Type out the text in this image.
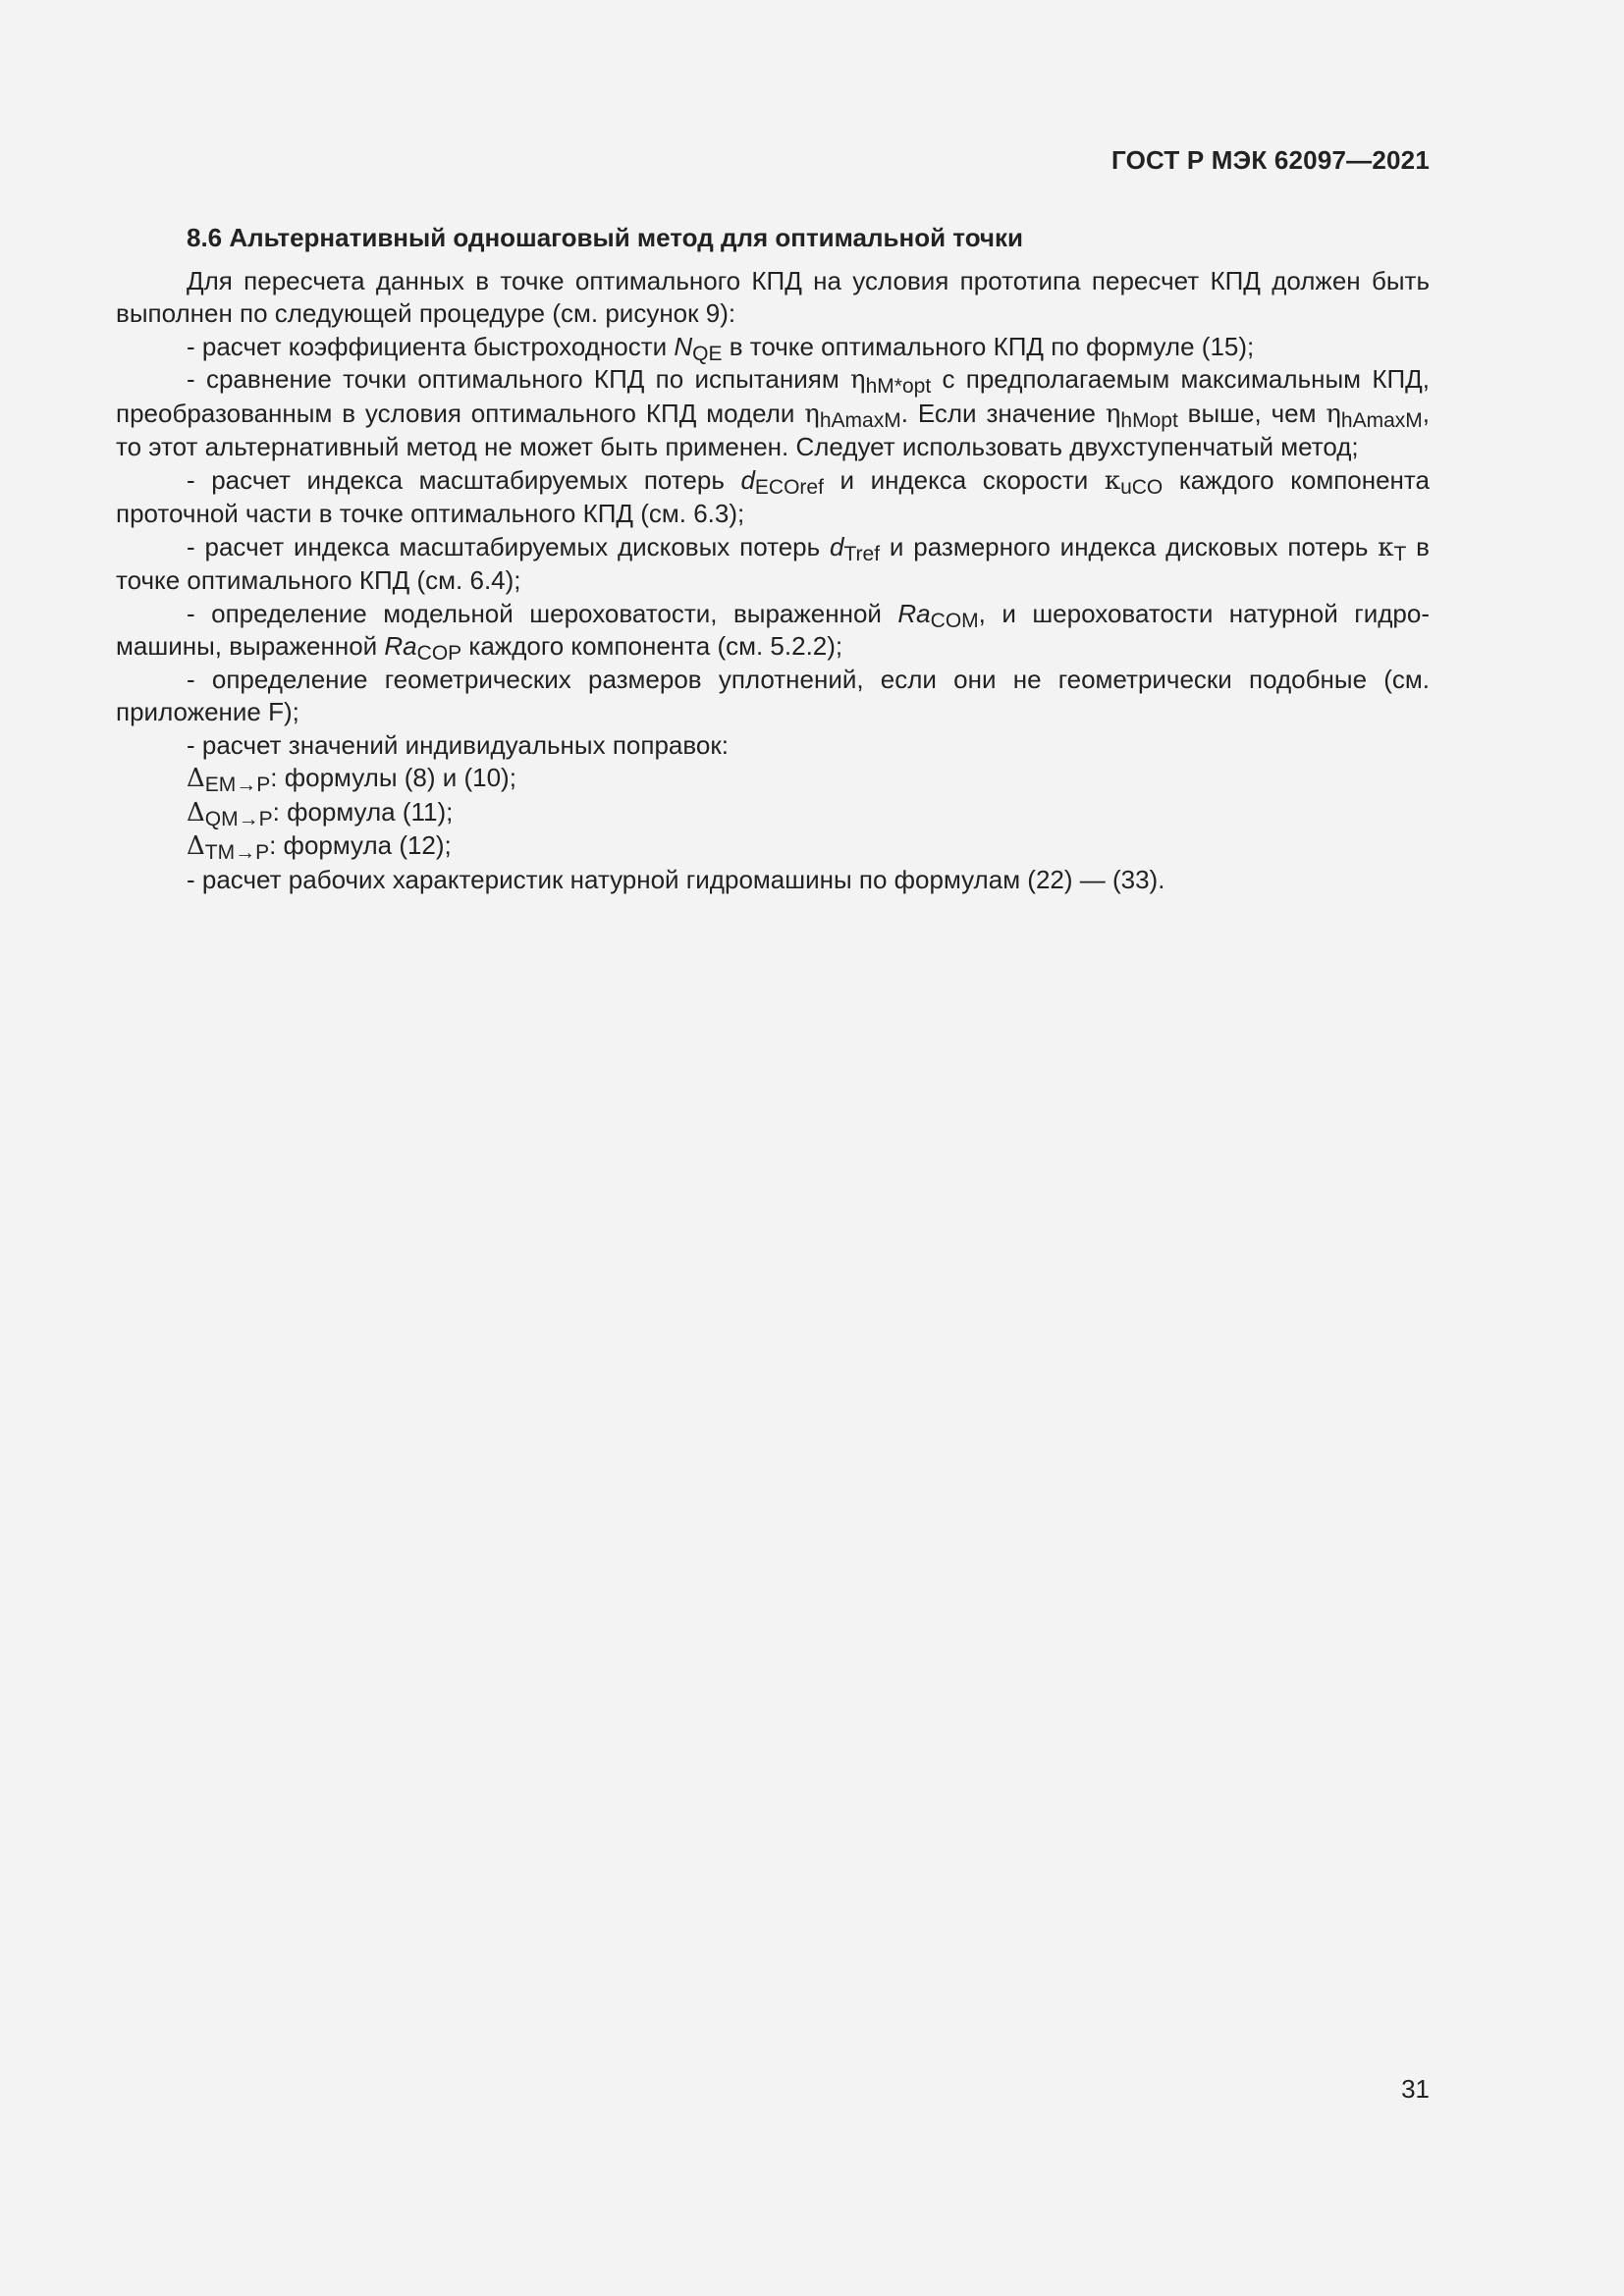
ГОСТ Р МЭК 62097—2021

8.6 Альтернативный одношаговый метод для оптимальной точки

Для пересчета данных в точке оптимального КПД на условия прототипа пересчет КПД должен быть выполнен по следующей процедуре (см. рисунок 9):

- расчет коэффициента быстроходности $N_{QE}$ в точке оптимального КПД по формуле (15);

- сравнение точки оптимального КПД по испытаниям $\eta_{hM*opt}$ с предполагаемым максимальным КПД, преобразованным в условия оптимального КПД модели $\eta_{hAmaxM}$. Если значение $\eta_{hMopt}$ выше, чем $\eta_{hAmaxM}$, то этот альтернативный метод не может быть применен. Следует использовать двухступенчатый метод;

- расчет индекса масштабируемых потерь $d_{ECOref}$ и индекса скорости $\kappa_{uCO}$ каждого компонента проточной части в точке оптимального КПД (см. 6.3);

- расчет индекса масштабируемых дисковых потерь $d_{Tref}$ и размерного индекса дисковых потерь $\kappa_T$ в точке оптимального КПД (см. 6.4);

- определение модельной шероховатости, выраженной $Ra_{COM}$, и шероховатости натурной гидромашины, выраженной $Ra_{COP}$ каждого компонента (см. 5.2.2);

- определение геометрических размеров уплотнений, если они не геометрически подобные (см. приложение F);

- расчет значений индивидуальных поправок:

$\Delta_{EM\to P}$: формулы (8) и (10);

$\Delta_{QM\to P}$: формула (11);

$\Delta_{TM\to P}$: формула (12);

- расчет рабочих характеристик натурной гидромашины по формулам (22) — (33).

31
